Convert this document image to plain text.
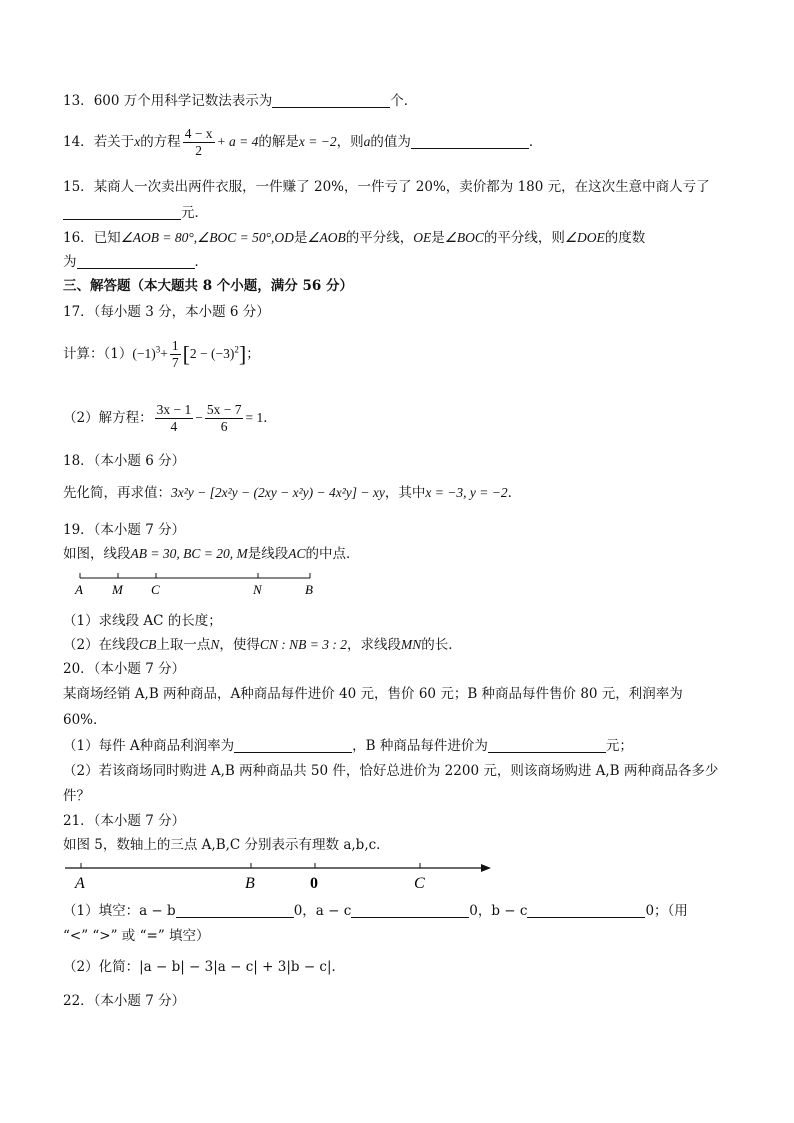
13．600 万个用科学记数法表示为	个．
14．若关于x的方程 $\frac{4 - x}{2} + a = 4$的解是x = −2，则a的值为	．
15．某商人一次卖出两件衣服，一件赚了 20%，一件亏了 20%，卖价都为 180 元，在这次生意中商人亏了
元．
16．已知∠AOB = 80°,∠BOC = 50°,OD是∠AOB的平分线，OE是∠BOC的平分线，则∠DOE的度数
为	．
三、解答题（本大题共 8 个小题，满分 56 分）
17．（每小题 3 分，本小题 6 分）
计算：$(1)(-1)^3+ \frac{1}{7} [2 - (-3)^2]$；
（2）解方程： $\frac{3x - 1}{4} - \frac{5x - 7}{6} = 1$．
18．（本小题 6 分）
先化简，再求值：3x²y − [2x²y − (2xy − x²y) − 4x²y] − xy，其中x = −3, y = −2．
19．（本小题 7 分）
如图，线段AB = 30, BC = 20, M是线段AC的中点．
A M C	N	B
（1）求线段 AC 的长度；
（2）在线段CB上取一点N，使得CN : NB = 3 : 2，求线段MN的长．
20．（本小题 7 分）
某商场经销 A,B 两种商品，A种商品每件进价 40 元，售价 60 元；B 种商品每件售价 80 元，利润率为
60%．
（1）每件 A种商品利润率为	，B 种商品每件进价为	元；
（2）若该商场同时购进 A,B 两种商品共 50 件，恰好总进价为 2200 元，则该商场购进 A,B 两种商品各多少
件？
21．（本小题 7 分）
如图 5，数轴上的三点 A,B,C 分别表示有理数 a,b,c．
A	B	0	C
（1）填空：a − b	0，a − c	0，b − c	0；（用
“<” “>” 或 “=” 填空）
（2）化简：|a − b| − 3|a − c| + 3|b − c|．
22．（本小题 7 分）
